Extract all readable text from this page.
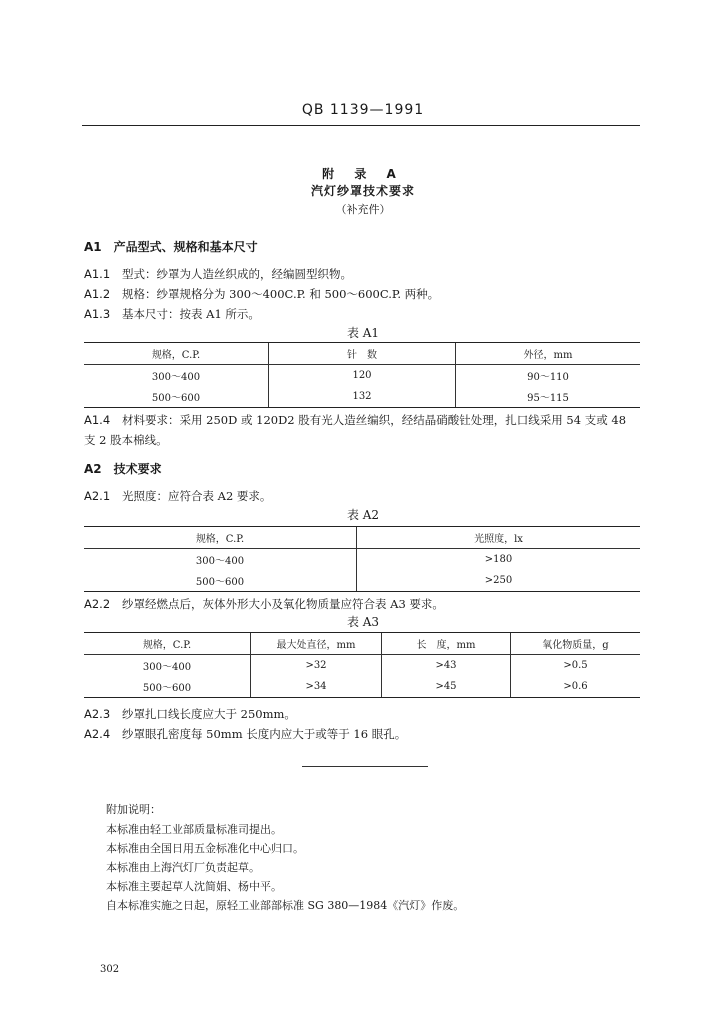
QB 1139—1991
附 录 A
汽灯纱罩技术要求
（补充件）
A1　产品型式、规格和基本尺寸
A1.1 型式：纱罩为人造丝织成的，经编圆型织物。
A1.2 规格：纱罩规格分为 300～400C.P. 和 500～600C.P. 两种。
A1.3 基本尺寸：按表 A1 所示。
表 A1
规格，C.P.	针　数	外径，mm
300～400	120	90～110
500～600	132	95～115
A1.4 材料要求：采用 250D 或 120D2 股有光人造丝编织，经结晶硝酸钍处理，扎口线采用 54 支或 48
支 2 股本棉线。
A2　技术要求
A2.1 光照度：应符合表 A2 要求。
表 A2
规格，C.P.	光照度，lx
300～400	>180
500～600	>250
A2.2 纱罩经燃点后，灰体外形大小及氧化物质量应符合表 A3 要求。
表 A3
规格，C.P.	最大处直径，mm	长　度，mm	氧化物质量，g
300～400	>32	>43	>0.5
500～600	>34	>45	>0.6
A2.3 纱罩扎口线长度应大于 250mm。
A2.4 纱罩眼孔密度每 50mm 长度内应大于或等于 16 眼孔。
附加说明：
本标准由轻工业部质量标准司提出。
本标准由全国日用五金标准化中心归口。
本标准由上海汽灯厂负责起草。
本标准主要起草人沈简娟、杨中平。
自本标准实施之日起，原轻工业部部标准 SG 380—1984《汽灯》作废。
302
